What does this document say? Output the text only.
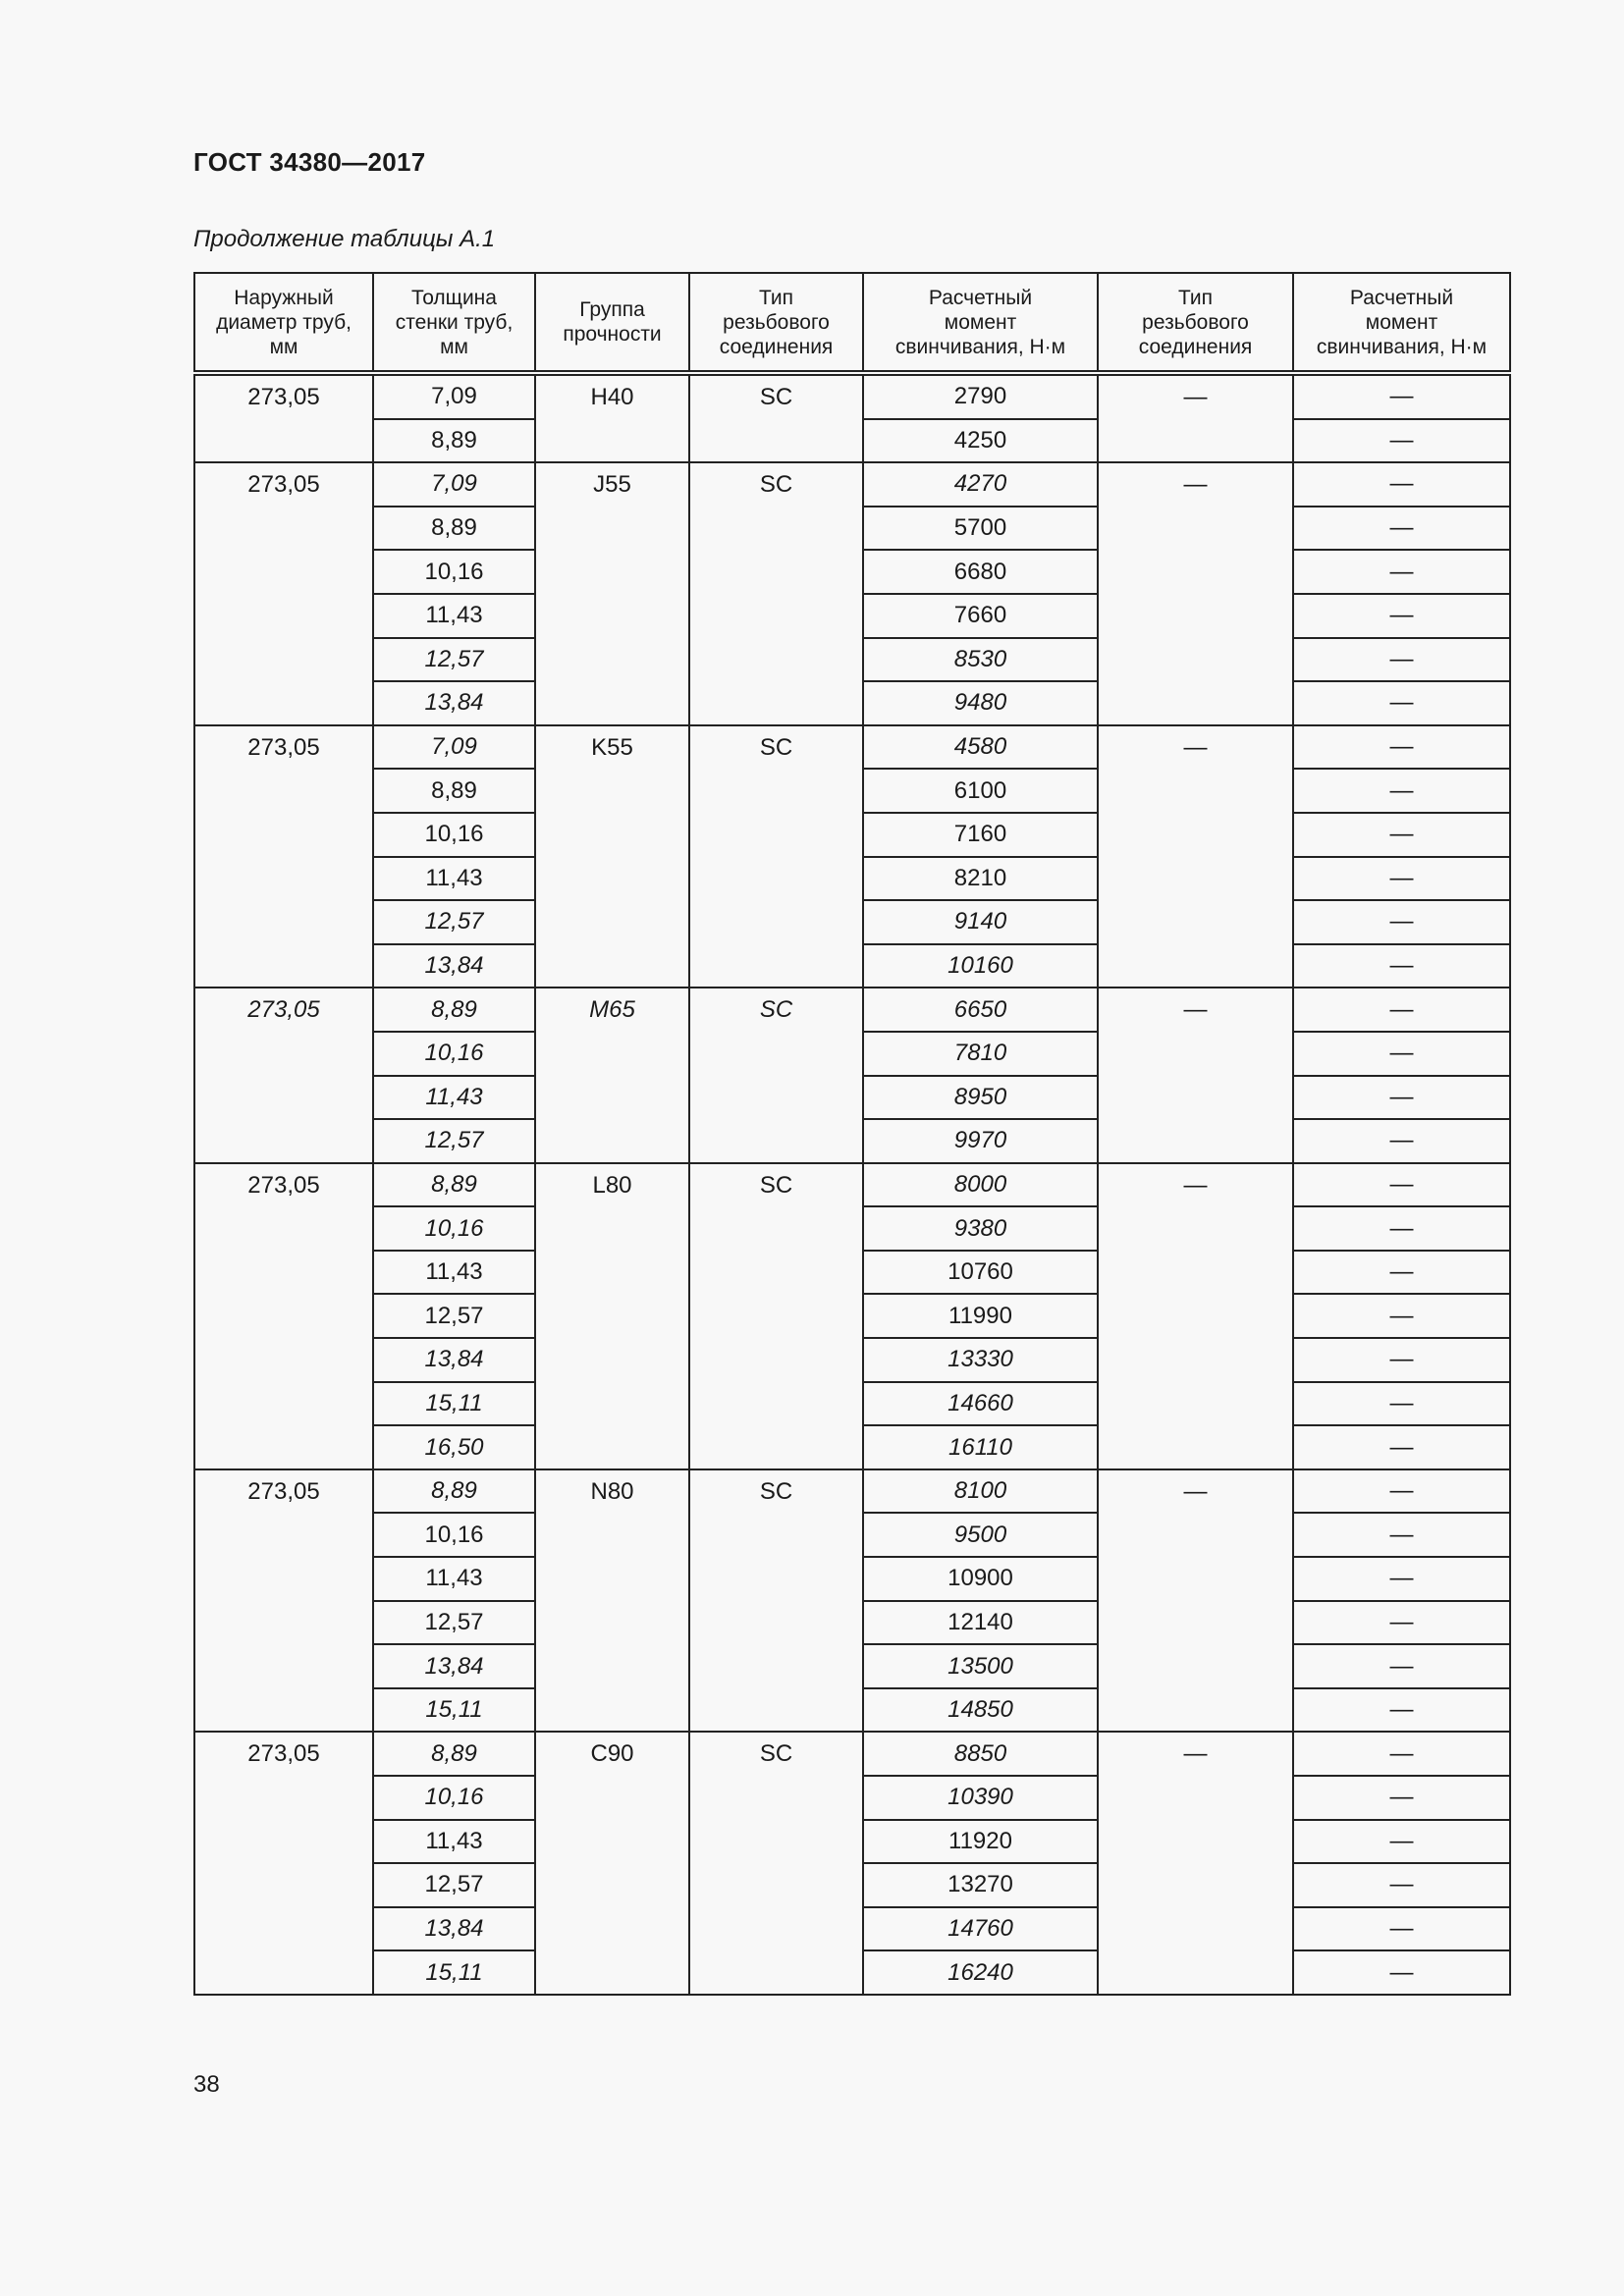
ГОСТ 34380—2017
Продолжение таблицы А.1
Наружный
диаметр труб,
мм	Толщина
стенки труб,
мм	Группа
прочности	Тип
резьбового
соединения	Расчетный
момент
свинчивания, Н·м	Тип
резьбового
соединения	Расчетный
момент
свинчивания, Н·м
273,05	7,09	H40	SC	2790	—	—
	8,89			4250		—
273,05	7,09	J55	SC	4270	—	—
	8,89			5700		—
	10,16			6680		—
	11,43			7660		—
	12,57			8530		—
	13,84			9480		—
273,05	7,09	K55	SC	4580	—	—
	8,89			6100		—
	10,16			7160		—
	11,43			8210		—
	12,57			9140		—
	13,84			10160		—
273,05	8,89	M65	SC	6650	—	—
	10,16			7810		—
	11,43			8950		—
	12,57			9970		—
273,05	8,89	L80	SC	8000	—	—
	10,16			9380		—
	11,43			10760		—
	12,57			11990		—
	13,84			13330		—
	15,11			14660		—
	16,50			16110		—
273,05	8,89	N80	SC	8100	—	—
	10,16			9500		—
	11,43			10900		—
	12,57			12140		—
	13,84			13500		—
	15,11			14850		—
273,05	8,89	C90	SC	8850	—	—
	10,16			10390		—
	11,43			11920		—
	12,57			13270		—
	13,84			14760		—
	15,11			16240		—
38
